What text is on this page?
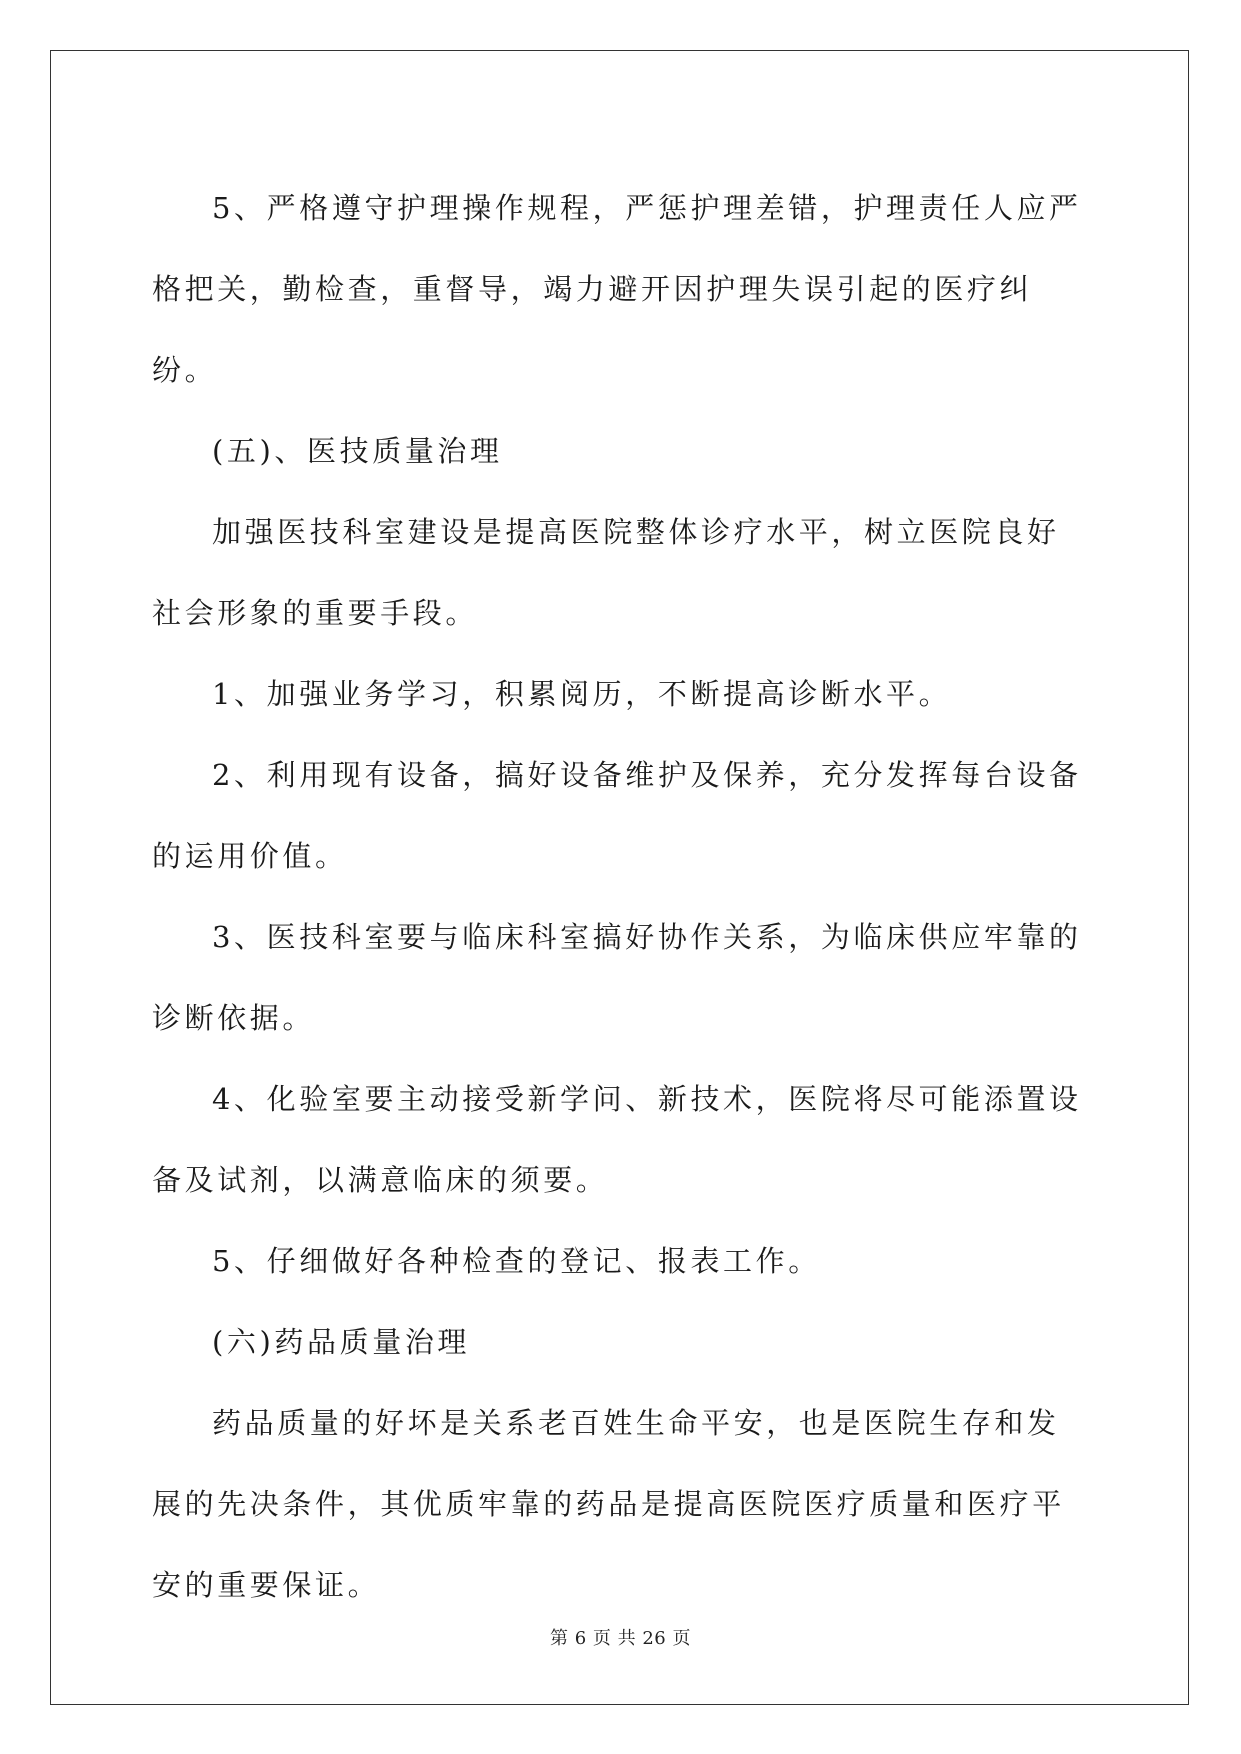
5、严格遵守护理操作规程，严惩护理差错，护理责任人应严格把关，勤检查，重督导，竭力避开因护理失误引起的医疗纠纷。

(五)、医技质量治理

加强医技科室建设是提高医院整体诊疗水平，树立医院良好社会形象的重要手段。

1、加强业务学习，积累阅历，不断提高诊断水平。

2、利用现有设备，搞好设备维护及保养，充分发挥每台设备的运用价值。

3、医技科室要与临床科室搞好协作关系，为临床供应牢靠的诊断依据。

4、化验室要主动接受新学问、新技术，医院将尽可能添置设备及试剂，以满意临床的须要。

5、仔细做好各种检查的登记、报表工作。

(六)药品质量治理

药品质量的好坏是关系老百姓生命平安，也是医院生存和发展的先决条件，其优质牢靠的药品是提高医院医疗质量和医疗平安的重要保证。

第 6 页 共 26 页
